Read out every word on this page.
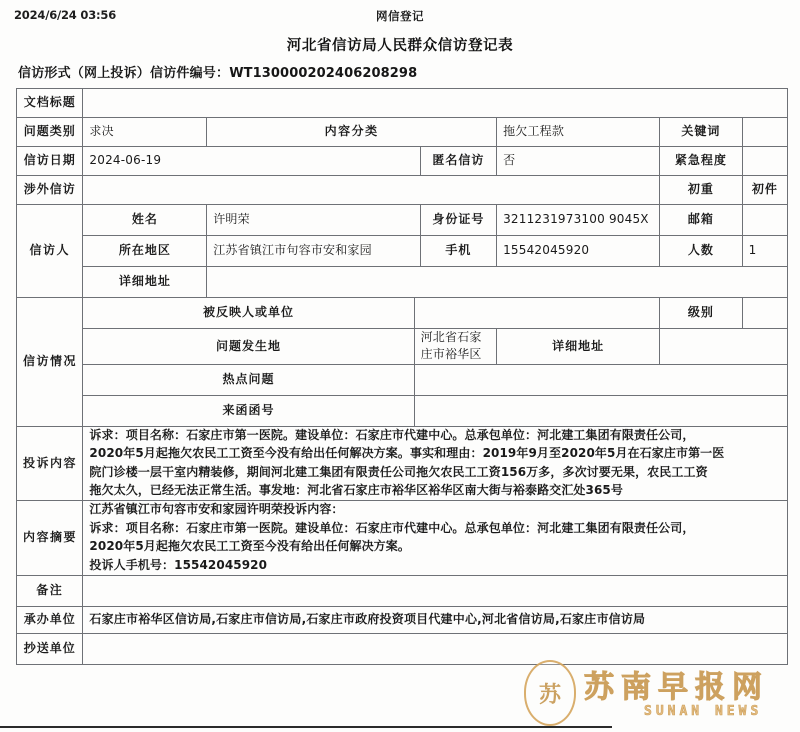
2024/6/24 03:56	网信登记
河北省信访局人民群众信访登记表
信访形式（网上投诉）信访件编号：WT130000202406208298
文档标题							
问题类别	求决	内容分类			拖欠工程款	关键词	
信访日期	2024-06-19			匿名信访	否	紧急程度	
涉外信访						初重	初件
信访人	姓名	许明荣		身份证号	3211231973100 9045X	邮箱	
	所在地区	江苏省镇江市句容市安和家园		手机	15542045920	人数	1
	详细地址						
信访情况	被反映人或单位					级别	
	问题发生地		河北省石家庄市裕华区		详细地址		
	热点问题						
	来函函号						
投诉内容	诉求：项目名称：石家庄市第一医院。建设单位：石家庄市代建中心。总承包单位：河北建工集团有限责任公司，

2020年5月起拖欠农民工工资至今没有给出任何解决方案。事实和理由：2019年9月至2020年5月在石家庄市第一医

院门诊楼一层干室内精装修，期间河北建工集团有限责任公司拖欠农民工工资156万多，多次讨要无果，农民工工资

拖欠太久，已经无法正常生活。事发地：河北省石家庄市裕华区裕华区南大街与裕泰路交汇处365号						

内容摘要	江苏省镇江市句容市安和家园许明荣投诉内容：

诉求：项目名称：石家庄市第一医院。建设单位：石家庄市代建中心。总承包单位：河北建工集团有限责任公司，

2020年5月起拖欠农民工工资至今没有给出任何解决方案。

投诉人手机号：15542045920						

备注							
承办单位	石家庄市裕华区信访局,石家庄市信访局,石家庄市政府投资项目代建中心,河北省信访局,石家庄市信访局						
抄送单位							
苏 苏南早报网
SUNAN NEWS
